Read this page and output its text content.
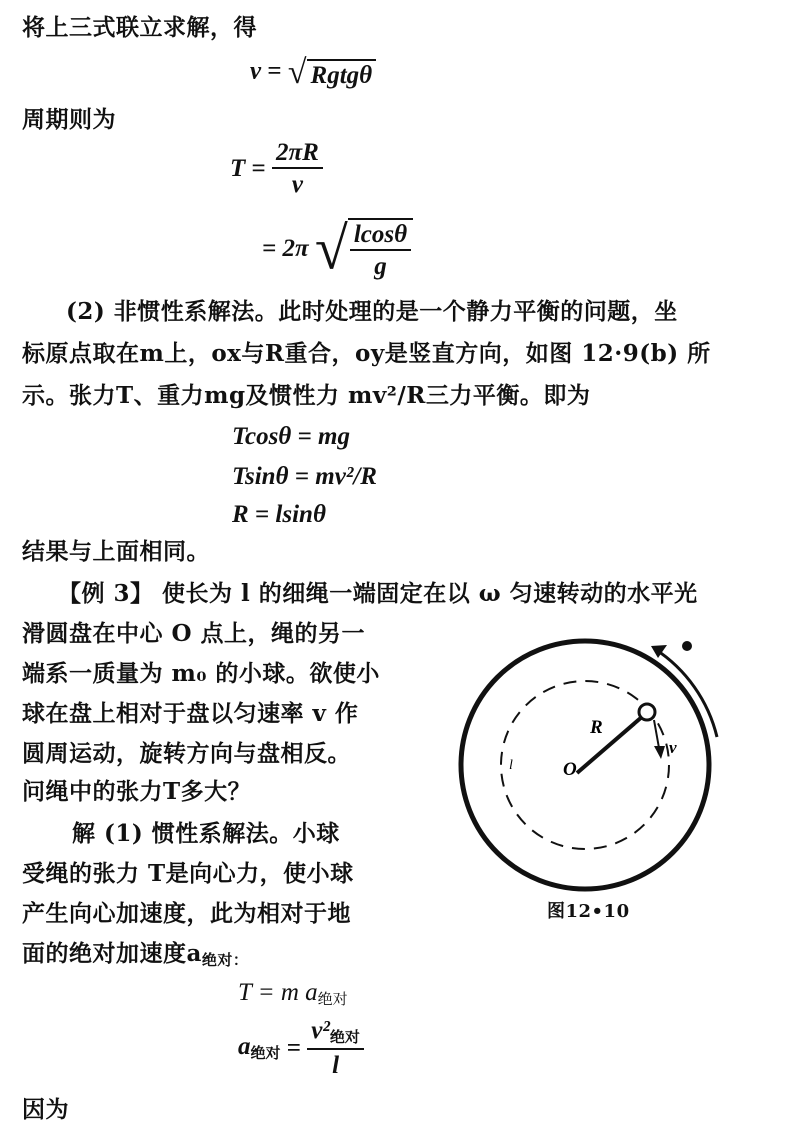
将上三式联立求解，得
v = √ Rgtgθ
周期则为
$T = \frac{2\pi R}{v}$
= 2π √ $\frac{lcos\theta}{g}$
(2) 非惯性系解法。此时处理的是一个静力平衡的问题，坐
标原点取在m上，ox与R重合，oy是竖直方向，如图 12·9(b) 所
示。张力T、重力mg及惯性力 mv²/R三力平衡。即为
Tcosθ = mg
Tsinθ = mv²/R
R = lsinθ
结果与上面相同。
【例 3】 使长为 l 的细绳一端固定在以 ω 匀速转动的水平光
滑圆盘在中心 O 点上，绳的另一
端系一质量为 m₀ 的小球。欲使小
球在盘上相对于盘以匀速率 v 作
圆周运动，旋转方向与盘相反。
问绳中的张力T多大？
解 (1) 惯性系解法。小球
受绳的张力 T是向心力，使小球
产生向心加速度，此为相对于地
面的绝对加速度$a_{绝对:}$
T = m $a_{绝对}$
$a_{绝对} = \frac{v^2_{绝对}}{l}$
因为
R
O
v
l
ω
图12•10
